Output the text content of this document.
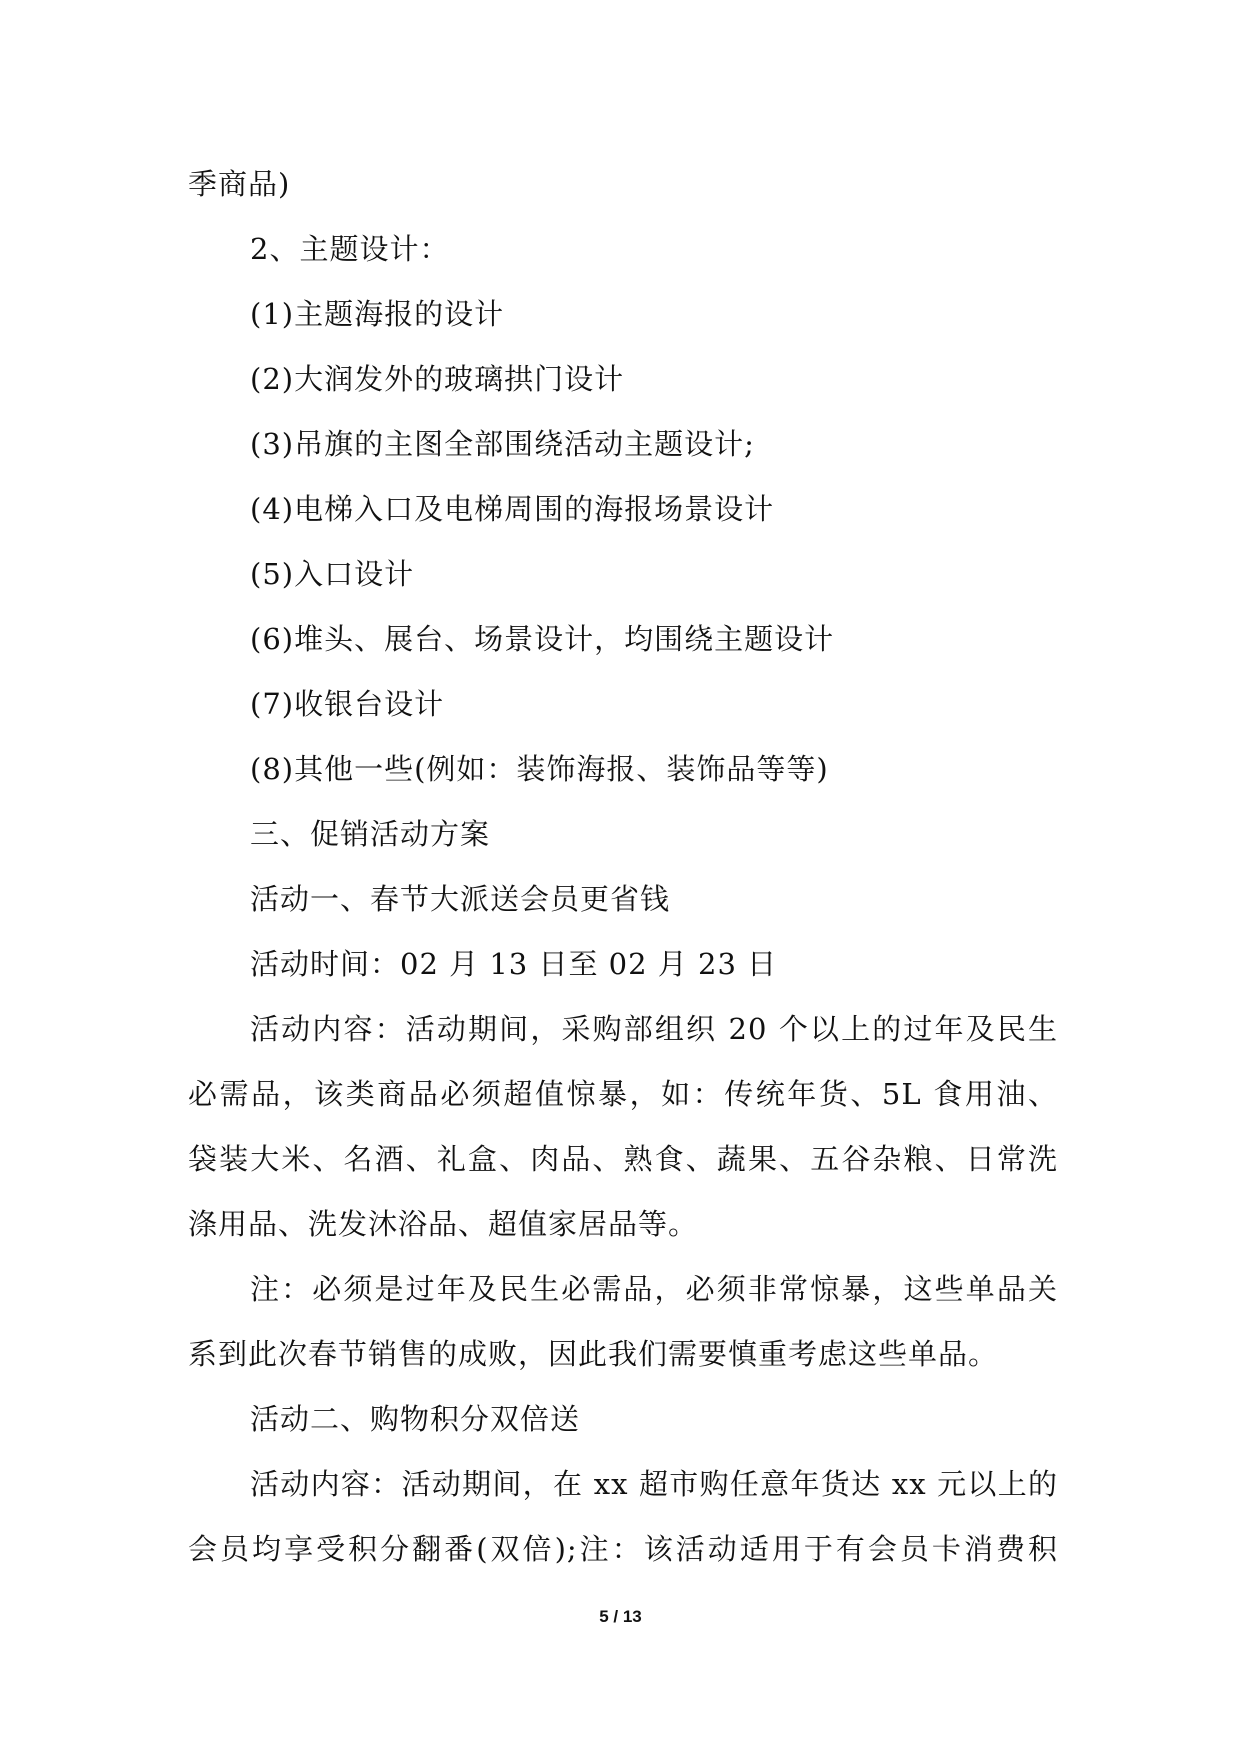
季商品)
2、主题设计：
(1)主题海报的设计
(2)大润发外的玻璃拱门设计
(3)吊旗的主图全部围绕活动主题设计;
(4)电梯入口及电梯周围的海报场景设计
(5)入口设计
(6)堆头、展台、场景设计，均围绕主题设计
(7)收银台设计
(8)其他一些(例如：装饰海报、装饰品等等)
三、促销活动方案
活动一、春节大派送会员更省钱
活动时间：02 月 13 日至 02 月 23 日
活动内容：活动期间，采购部组织 20 个以上的过年及民生
必需品，该类商品必须超值惊暴，如：传统年货、5L 食用油、
袋装大米、名酒、礼盒、肉品、熟食、蔬果、五谷杂粮、日常洗
涤用品、洗发沐浴品、超值家居品等。
注：必须是过年及民生必需品，必须非常惊暴，这些单品关
系到此次春节销售的成败，因此我们需要慎重考虑这些单品。
活动二、购物积分双倍送
活动内容：活动期间，在 xx 超市购任意年货达 xx 元以上的
会员均享受积分翻番(双倍);注：该活动适用于有会员卡消费积
5 / 13
